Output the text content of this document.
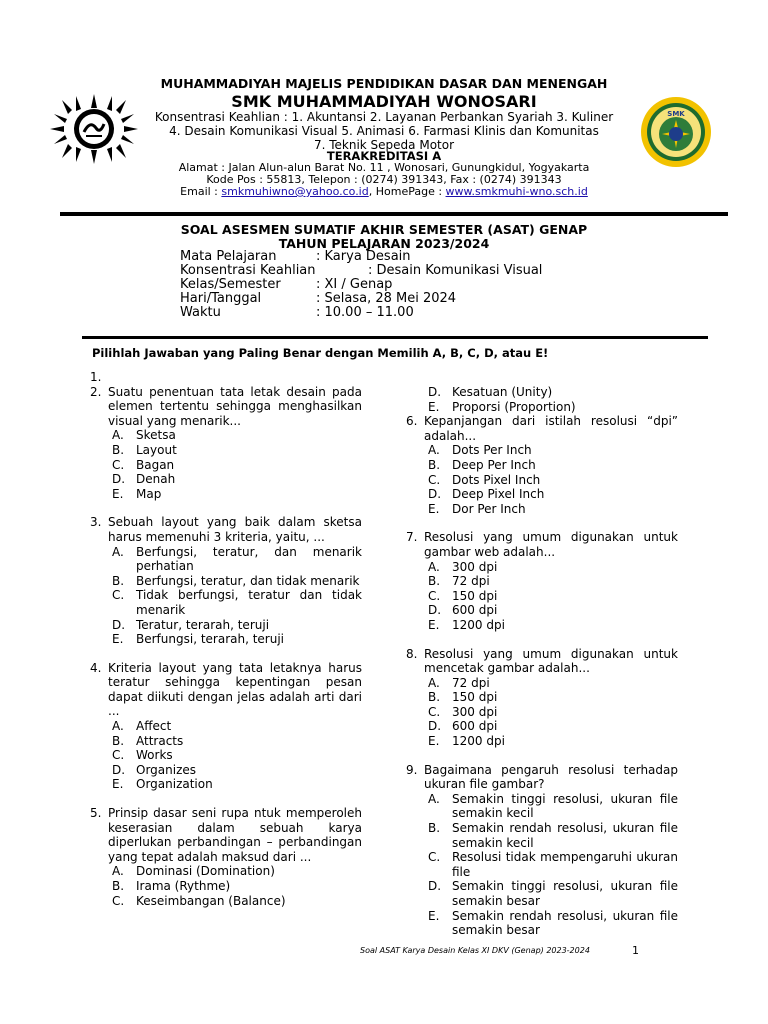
SMK
MUHAMMADIYAH MAJELIS PENDIDIKAN DASAR DAN MENENGAH
SMK MUHAMMADIYAH WONOSARI
Konsentrasi Keahlian : 1. Akuntansi 2. Layanan Perbankan Syariah 3. Kuliner
4. Desain Komunikasi Visual 5. Animasi 6. Farmasi Klinis dan Komunitas
7. Teknik Sepeda Motor
TERAKREDITASI A
Alamat : Jalan Alun-alun Barat No. 11 , Wonosari, Gunungkidul, Yogyakarta
Kode Pos : 55813, Telepon : (0274) 391343, Fax : (0274) 391343
Email : smkmuhiwno@yahoo.co.id, HomePage : www.smkmuhi-wno.sch.id
SOAL ASESMEN SUMATIF AKHIR SEMESTER (ASAT) GENAP
TAHUN PELAJARAN 2023/2024
Mata Pelajaran	: Karya Desain
Konsentrasi Keahlian	: Desain Komunikasi Visual
Kelas/Semester	: XI / Genap
Hari/Tanggal	: Selasa, 28 Mei 2024
Waktu	: 10.00 – 11.00
Pilihlah Jawaban yang Paling Benar dengan Memilih A, B, C, D, atau E!
1.
2. Suatu penentuan tata letak desain pada elemen tertentu sehingga menghasilkan visual yang menarik...
A. Sketsa
B. Layout
C. Bagan
D. Denah
E. Map
3. Sebuah layout yang baik dalam sketsa harus memenuhi 3 kriteria, yaitu, ...
A. Berfungsi, teratur, dan menarik perhatian
B. Berfungsi, teratur, dan tidak menarik
C. Tidak berfungsi, teratur dan tidak menarik
D. Teratur, terarah, teruji
E. Berfungsi, terarah, teruji
4. Kriteria layout yang tata letaknya harus teratur sehingga kepentingan pesan dapat diikuti dengan jelas adalah arti dari ...
A. Affect
B. Attracts
C. Works
D. Organizes
E. Organization
5. Prinsip dasar seni rupa ntuk memperoleh keserasian dalam sebuah karya diperlukan perbandingan – perbandingan yang tepat adalah maksud dari ...
A. Dominasi (Domination)
B. Irama (Rythme)
C. Keseimbangan (Balance)
D. Kesatuan (Unity)
E. Proporsi (Proportion)
6. Kepanjangan dari istilah resolusi “dpi” adalah...
A. Dots Per Inch
B. Deep Per Inch
C. Dots Pixel Inch
D. Deep Pixel Inch
E. Dor Per Inch
7. Resolusi yang umum digunakan untuk gambar web adalah...
A. 300 dpi
B. 72 dpi
C. 150 dpi
D. 600 dpi
E. 1200 dpi
8. Resolusi yang umum digunakan untuk mencetak gambar adalah...
A. 72 dpi
B. 150 dpi
C. 300 dpi
D. 600 dpi
E. 1200 dpi
9. Bagaimana pengaruh resolusi terhadap ukuran file gambar?
A. Semakin tinggi resolusi, ukuran file semakin kecil
B. Semakin rendah resolusi, ukuran file semakin kecil
C. Resolusi tidak mempengaruhi ukuran file
D. Semakin tinggi resolusi, ukuran file semakin besar
E. Semakin rendah resolusi, ukuran file semakin besar
Soal ASAT Karya Desain Kelas XI DKV (Genap) 2023-2024	1
